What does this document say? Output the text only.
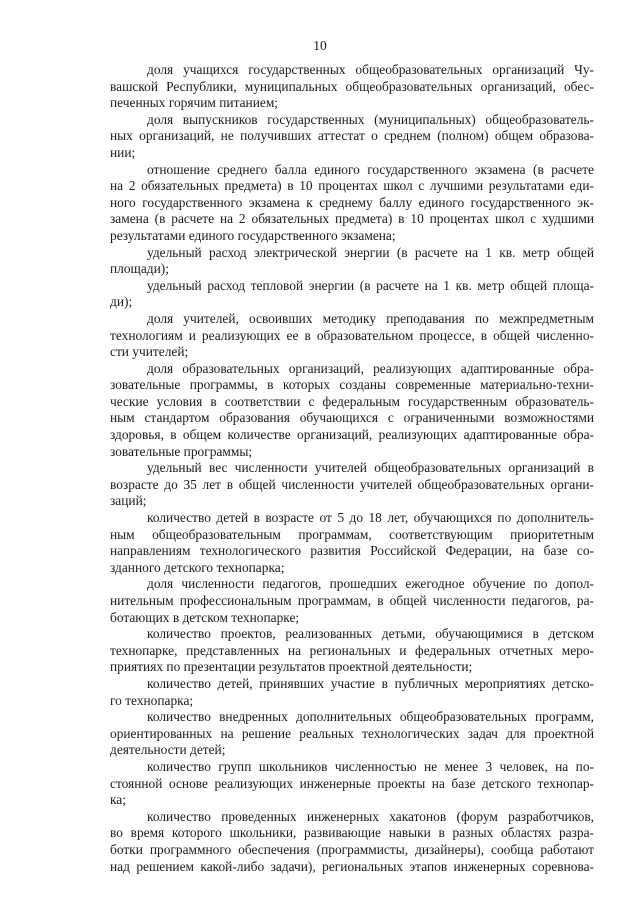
10
доля учащихся государственных общеобразовательных организаций Чу-
вашской Республики, муниципальных общеобразовательных организаций, обес-
печенных горячим питанием;
доля выпускников государственных (муниципальных) общеобразователь-
ных организаций, не получивших аттестат о среднем (полном) общем образова-
нии;
отношение среднего балла единого государственного экзамена (в расчете
на 2 обязательных предмета) в 10 процентах школ с лучшими результатами еди-
ного государственного экзамена к среднему баллу единого государственного эк-
замена (в расчете на 2 обязательных предмета) в 10 процентах школ с худшими
результатами единого государственного экзамена;
удельный расход электрической энергии (в расчете на 1 кв. метр общей
площади);
удельный расход тепловой энергии (в расчете на 1 кв. метр общей площа-
ди);
доля учителей, освоивших методику преподавания по межпредметным
технологиям и реализующих ее в образовательном процессе, в общей численно-
сти учителей;
доля образовательных организаций, реализующих адаптированные обра-
зовательные программы, в которых созданы современные материально-техни-
ческие условия в соответствии с федеральным государственным образователь-
ным стандартом образования обучающихся с ограниченными возможностями
здоровья, в общем количестве организаций, реализующих адаптированные обра-
зовательные программы;
удельный вес численности учителей общеобразовательных организаций в
возрасте до 35 лет в общей численности учителей общеобразовательных органи-
заций;
количество детей в возрасте от 5 до 18 лет, обучающихся по дополнитель-
ным общеобразовательным программам, соответствующим приоритетным
направлениям технологического развития Российской Федерации, на базе со-
зданного детского технопарка;
доля численности педагогов, прошедших ежегодное обучение по допол-
нительным профессиональным программам, в общей численности педагогов, ра-
ботающих в детском технопарке;
количество проектов, реализованных детьми, обучающимися в детском
технопарке, представленных на региональных и федеральных отчетных меро-
приятиях по презентации результатов проектной деятельности;
количество детей, принявших участие в публичных мероприятиях детско-
го технопарка;
количество внедренных дополнительных общеобразовательных программ,
ориентированных на решение реальных технологических задач для проектной
деятельности детей;
количество групп школьников численностью не менее 3 человек, на по-
стоянной основе реализующих инженерные проекты на базе детского технопар-
ка;
количество проведенных инженерных хакатонов (форум разработчиков,
во время которого школьники, развивающие навыки в разных областях разра-
ботки программного обеспечения (программисты, дизайнеры), сообща работают
над решением какой-либо задачи), региональных этапов инженерных соревнова-
